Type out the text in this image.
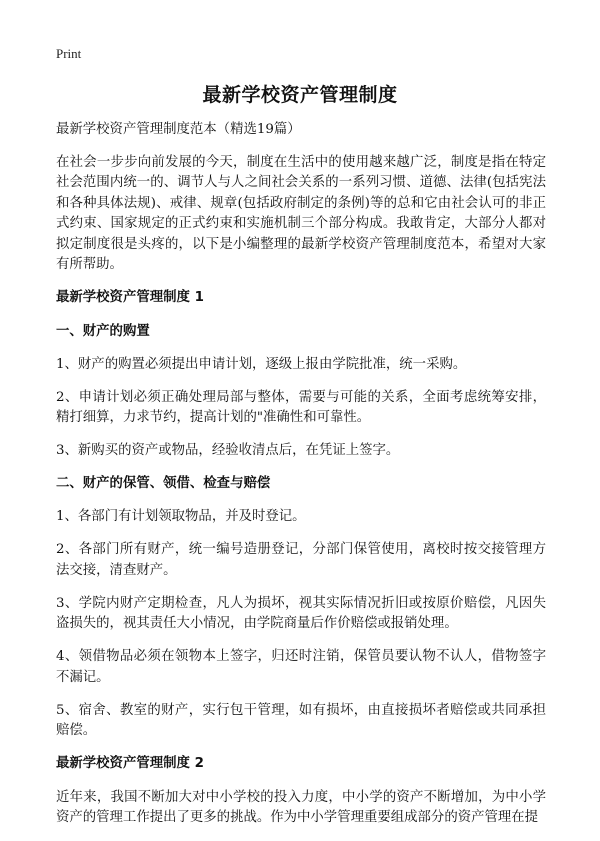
Print
最新学校资产管理制度

最新学校资产管理制度范本（精选19篇）

在社会一步步向前发展的今天，制度在生活中的使用越来越广泛，制度是指在特定社会范围内统一的、调节人与人之间社会关系的一系列习惯、道德、法律(包括宪法和各种具体法规)、戒律、规章(包括政府制定的条例)等的总和它由社会认可的非正式约束、国家规定的正式约束和实施机制三个部分构成。我敢肯定，大部分人都对拟定制度很是头疼的，以下是小编整理的最新学校资产管理制度范本，希望对大家有所帮助。

最新学校资产管理制度 1
一、财产的购置

1、财产的购置必须提出申请计划，逐级上报由学院批准，统一采购。

2、申请计划必须正确处理局部与整体，需要与可能的关系，全面考虑统筹安排，精打细算，力求节约，提高计划的"准确性和可靠性。

3、新购买的资产或物品，经验收清点后，在凭证上签字。

二、财产的保管、领借、检查与赔偿

1、各部门有计划领取物品，并及时登记。

2、各部门所有财产，统一编号造册登记，分部门保管使用，离校时按交接管理方法交接，清查财产。

3、学院内财产定期检查，凡人为损坏，视其实际情况折旧或按原价赔偿，凡因失盗损失的，视其责任大小情况，由学院商量后作价赔偿或报销处理。

4、领借物品必须在领物本上签字，归还时注销，保管员要认物不认人，借物签字不漏记。

5、宿舍、教室的财产，实行包干管理，如有损坏，由直接损坏者赔偿或共同承担赔偿。

最新学校资产管理制度 2

近年来，我国不断加大对中小学校的投入力度，中小学的资产不断增加，为中小学资产的管理工作提出了更多的挑战。作为中小学管理重要组成部分的资产管理在提
